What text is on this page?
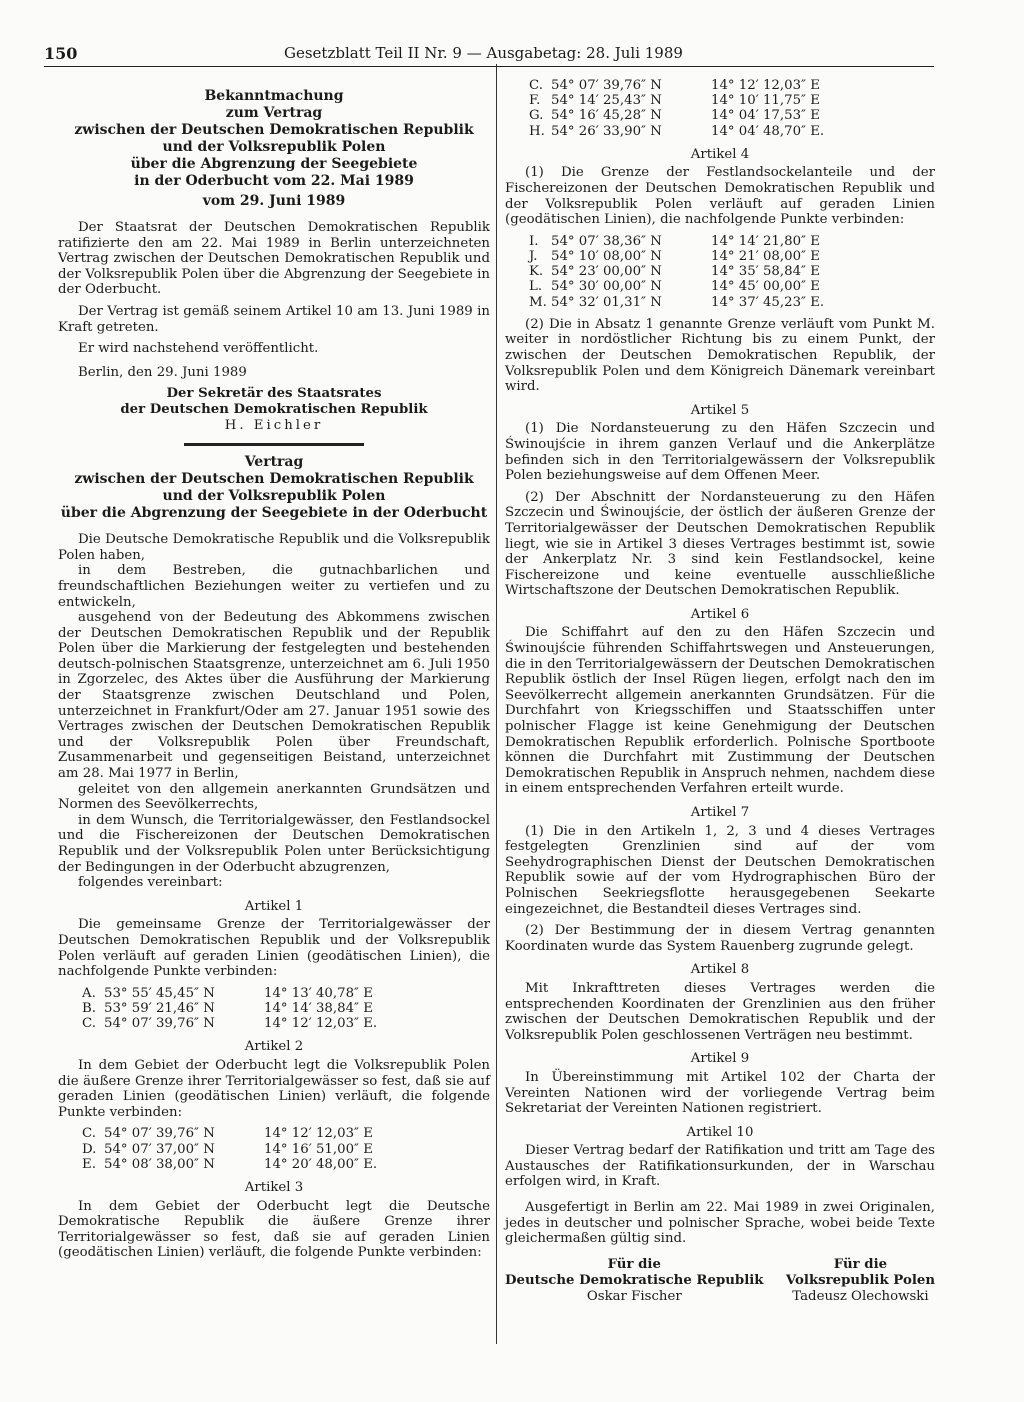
150	Gesetzblatt Teil II Nr. 9 — Ausgabetag: 28. Juli 1989
Bekanntmachung
zum Vertrag
zwischen der Deutschen Demokratischen Republik
und der Volksrepublik Polen
über die Abgrenzung der Seegebiete
in der Oderbucht vom 22. Mai 1989
vom 29. Juni 1989

Der Staatsrat der Deutschen Demokratischen Republik ratifizierte den am 22. Mai 1989 in Berlin unterzeichneten Vertrag zwischen der Deutschen Demokratischen Republik und der Volksrepublik Polen über die Abgrenzung der Seegebiete in der Oderbucht.

Der Vertrag ist gemäß seinem Artikel 10 am 13. Juni 1989 in Kraft getreten.

Er wird nachstehend veröffentlicht.

Berlin, den 29. Juni 1989

Der Sekretär des Staatsrates
der Deutschen Demokratischen Republik
H. Eichler
Vertrag
zwischen der Deutschen Demokratischen Republik
und der Volksrepublik Polen
über die Abgrenzung der Seegebiete in der Oderbucht

Die Deutsche Demokratische Republik und die Volksrepublik Polen haben,

in dem Bestreben, die gutnachbarlichen und freundschaftlichen Beziehungen weiter zu vertiefen und zu entwickeln,

ausgehend von der Bedeutung des Abkommens zwischen der Deutschen Demokratischen Republik und der Republik Polen über die Markierung der festgelegten und bestehenden deutsch-polnischen Staatsgrenze, unterzeichnet am 6. Juli 1950 in Zgorzelec, des Aktes über die Ausführung der Markierung der Staatsgrenze zwischen Deutschland und Polen, unterzeichnet in Frankfurt/Oder am 27. Januar 1951 sowie des Vertrages zwischen der Deutschen Demokratischen Republik und der Volksrepublik Polen über Freundschaft, Zusammenarbeit und gegenseitigen Beistand, unterzeichnet am 28. Mai 1977 in Berlin,

geleitet von den allgemein anerkannten Grundsätzen und Normen des Seevölkerrechts,

in dem Wunsch, die Territorialgewässer, den Festlandsockel und die Fischereizonen der Deutschen Demokratischen Republik und der Volksrepublik Polen unter Berücksichtigung der Bedingungen in der Oderbucht abzugrenzen,

folgendes vereinbart:

Artikel 1

Die gemeinsame Grenze der Territorialgewässer der Deutschen Demokratischen Republik und der Volksrepublik Polen verläuft auf geraden Linien (geodätischen Linien), die nachfolgende Punkte verbinden:

A.	53° 55′ 45,45″ N	14° 13′ 40,78″ E
B.	53° 59′ 21,46″ N	14° 14′ 38,84″ E
C.	54° 07′ 39,76″ N	14° 12′ 12,03″ E.
Artikel 2

In dem Gebiet der Oderbucht legt die Volksrepublik Polen die äußere Grenze ihrer Territorialgewässer so fest, daß sie auf geraden Linien (geodätischen Linien) verläuft, die folgende Punkte verbinden:

C.	54° 07′ 39,76″ N	14° 12′ 12,03″ E
D.	54° 07′ 37,00″ N	14° 16′ 51,00″ E
E.	54° 08′ 38,00″ N	14° 20′ 48,00″ E.
Artikel 3

In dem Gebiet der Oderbucht legt die Deutsche Demokratische Republik die äußere Grenze ihrer Territorialgewässer so fest, daß sie auf geraden Linien (geodätischen Linien) verläuft, die folgende Punkte verbinden:

C.	54° 07′ 39,76″ N	14° 12′ 12,03″ E
F.	54° 14′ 25,43″ N	14° 10′ 11,75″ E
G.	54° 16′ 45,28″ N	14° 04′ 17,53″ E
H.	54° 26′ 33,90″ N	14° 04′ 48,70″ E.
Artikel 4

(1) Die Grenze der Festlandsockelanteile und der Fischereizonen der Deutschen Demokratischen Republik und der Volksrepublik Polen verläuft auf geraden Linien (geodätischen Linien), die nachfolgende Punkte verbinden:

I.	54° 07′ 38,36″ N	14° 14′ 21,80″ E
J.	54° 10′ 08,00″ N	14° 21′ 08,00″ E
K.	54° 23′ 00,00″ N	14° 35′ 58,84″ E
L.	54° 30′ 00,00″ N	14° 45′ 00,00″ E
M.	54° 32′ 01,31″ N	14° 37′ 45,23″ E.

(2) Die in Absatz 1 genannte Grenze verläuft vom Punkt M. weiter in nordöstlicher Richtung bis zu einem Punkt, der zwischen der Deutschen Demokratischen Republik, der Volksrepublik Polen und dem Königreich Dänemark vereinbart wird.

Artikel 5

(1) Die Nordansteuerung zu den Häfen Szczecin und Świnoujście in ihrem ganzen Verlauf und die Ankerplätze befinden sich in den Territorialgewässern der Volksrepublik Polen beziehungsweise auf dem Offenen Meer.

(2) Der Abschnitt der Nordansteuerung zu den Häfen Szczecin und Świnoujście, der östlich der äußeren Grenze der Territorialgewässer der Deutschen Demokratischen Republik liegt, wie sie in Artikel 3 dieses Vertrages bestimmt ist, sowie der Ankerplatz Nr. 3 sind kein Festlandsockel, keine Fischereizone und keine eventuelle ausschließliche Wirtschaftszone der Deutschen Demokratischen Republik.

Artikel 6

Die Schiffahrt auf den zu den Häfen Szczecin und Świnoujście führenden Schiffahrtswegen und Ansteuerungen, die in den Territorialgewässern der Deutschen Demokratischen Republik östlich der Insel Rügen liegen, erfolgt nach den im Seevölkerrecht allgemein anerkannten Grundsätzen. Für die Durchfahrt von Kriegsschiffen und Staatsschiffen unter polnischer Flagge ist keine Genehmigung der Deutschen Demokratischen Republik erforderlich. Polnische Sportboote können die Durchfahrt mit Zustimmung der Deutschen Demokratischen Republik in Anspruch nehmen, nachdem diese in einem entsprechenden Verfahren erteilt wurde.

Artikel 7

(1) Die in den Artikeln 1, 2, 3 und 4 dieses Vertrages festgelegten Grenzlinien sind auf der vom Seehydrographischen Dienst der Deutschen Demokratischen Republik sowie auf der vom Hydrographischen Büro der Polnischen Seekriegsflotte herausgegebenen Seekarte eingezeichnet, die Bestandteil dieses Vertrages sind.

(2) Der Bestimmung der in diesem Vertrag genannten Koordinaten wurde das System Rauenberg zugrunde gelegt.

Artikel 8

Mit Inkrafttreten dieses Vertrages werden die entsprechenden Koordinaten der Grenzlinien aus den früher zwischen der Deutschen Demokratischen Republik und der Volksrepublik Polen geschlossenen Verträgen neu bestimmt.

Artikel 9

In Übereinstimmung mit Artikel 102 der Charta der Vereinten Nationen wird der vorliegende Vertrag beim Sekretariat der Vereinten Nationen registriert.

Artikel 10

Dieser Vertrag bedarf der Ratifikation und tritt am Tage des Austausches der Ratifikationsurkunden, der in Warschau erfolgen wird, in Kraft.

Ausgefertigt in Berlin am 22. Mai 1989 in zwei Originalen, jedes in deutscher und polnischer Sprache, wobei beide Texte gleichermaßen gültig sind.

Für die
Deutsche Demokratische Republik
Oskar Fischer
Für die
Volksrepublik Polen
Tadeusz Olechowski
